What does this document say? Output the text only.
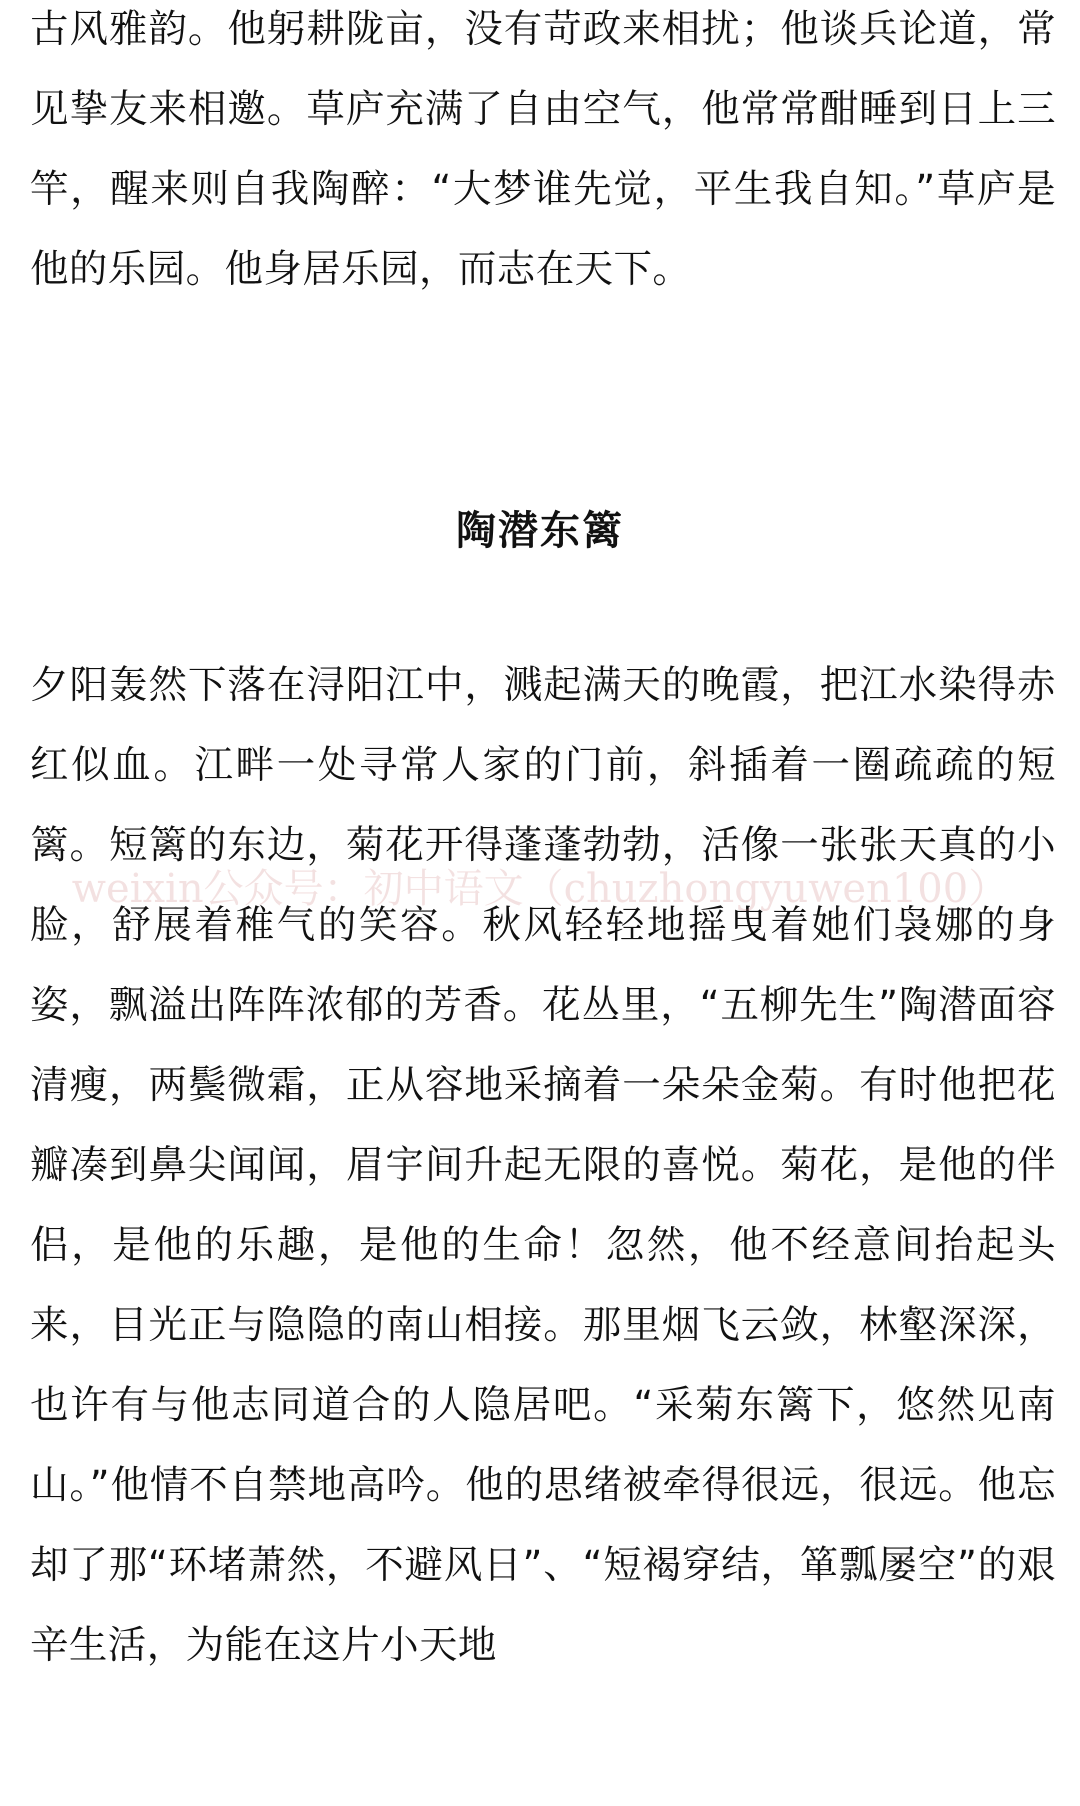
古风雅韵。他躬耕陇亩，没有苛政来相扰；他谈兵论道，常见挚友来相邀。草庐充满了自由空气，他常常酣睡到日上三竿，醒来则自我陶醉：“大梦谁先觉，平生我自知。”草庐是他的乐园。他身居乐园，而志在天下。

陶潜东篱

夕阳轰然下落在浔阳江中，溅起满天的晚霞，把江水染得赤红似血。江畔一处寻常人家的门前，斜插着一圈疏疏的短篱。短篱的东边，菊花开得蓬蓬勃勃，活像一张张天真的小脸，舒展着稚气的笑容。秋风轻轻地摇曳着她们袅娜的身姿，飘溢出阵阵浓郁的芳香。花丛里，“五柳先生”陶潜面容清瘦，两鬓微霜，正从容地采摘着一朵朵金菊。有时他把花瓣凑到鼻尖闻闻，眉宇间升起无限的喜悦。菊花，是他的伴侣，是他的乐趣，是他的生命！忽然，他不经意间抬起头来，目光正与隐隐的南山相接。那里烟飞云敛，林壑深深，也许有与他志同道合的人隐居吧。“采菊东篱下，悠然见南山。”他情不自禁地高吟。他的思绪被牵得很远，很远。他忘却了那“环堵萧然，不避风日”、“短褐穿结，箪瓢屡空”的艰辛生活，为能在这片小天地

weixin公众号：初中语文（chuzhongyuwen100）
